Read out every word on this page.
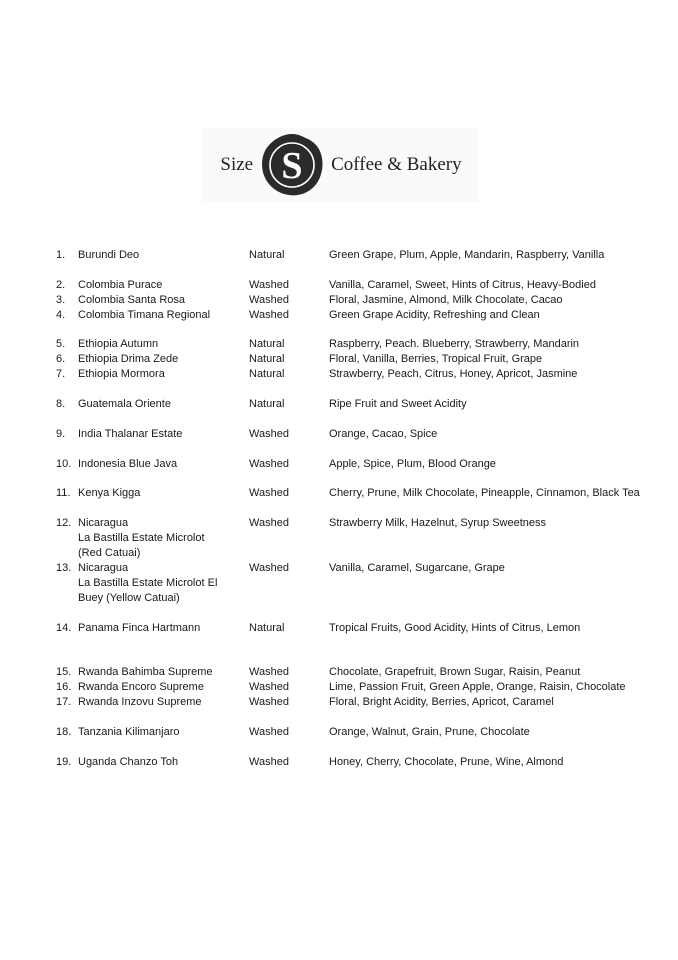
Size S Coffee & Bakery
1.	Burundi Deo	Natural	Green Grape, Plum, Apple, Mandarin, Raspberry, Vanilla
2.	Colombia Purace	Washed	Vanilla, Caramel, Sweet, Hints of Citrus, Heavy-Bodied
3.	Colombia Santa Rosa	Washed	Floral, Jasmine, Almond, Milk Chocolate, Cacao
4.	Colombia Timana Regional	Washed	Green Grape Acidity, Refreshing and Clean
5.	Ethiopia Autumn	Natural	Raspberry, Peach. Blueberry, Strawberry, Mandarin
6.	Ethiopia Drima Zede	Natural	Floral, Vanilla, Berries, Tropical Fruit, Grape
7.	Ethiopia Mormora	Natural	Strawberry, Peach, Citrus, Honey, Apricot, Jasmine
8.	Guatemala Oriente	Natural	Ripe Fruit and Sweet Acidity
9.	India Thalanar Estate	Washed	Orange, Cacao, Spice
10. Indonesia Blue Java	Washed	Apple, Spice, Plum, Blood Orange
11. Kenya Kigga	Washed	Cherry, Prune, Milk Chocolate, Pineapple, Cinnamon, Black Tea
12. Nicaragua
La Bastilla Estate Microlot
(Red Catuai)
Washed	Strawberry Milk, Hazelnut, Syrup Sweetness
13. Nicaragua
La Bastilla Estate Microlot El
Buey (Yellow Catuai)
Washed	Vanilla, Caramel, Sugarcane, Grape
14. Panama Finca Hartmann	Natural	Tropical Fruits, Good Acidity, Hints of Citrus, Lemon
15. Rwanda Bahimba Supreme	Washed	Chocolate, Grapefruit, Brown Sugar, Raisin, Peanut
16. Rwanda Encoro Supreme	Washed	Lime, Passion Fruit, Green Apple, Orange, Raisin, Chocolate
17. Rwanda Inzovu Supreme	Washed	Floral, Bright Acidity, Berries, Apricot, Caramel
18. Tanzania Kilimanjaro	Washed	Orange, Walnut, Grain, Prune, Chocolate
19. Uganda Chanzo Toh	Washed	Honey, Cherry, Chocolate, Prune, Wine, Almond
